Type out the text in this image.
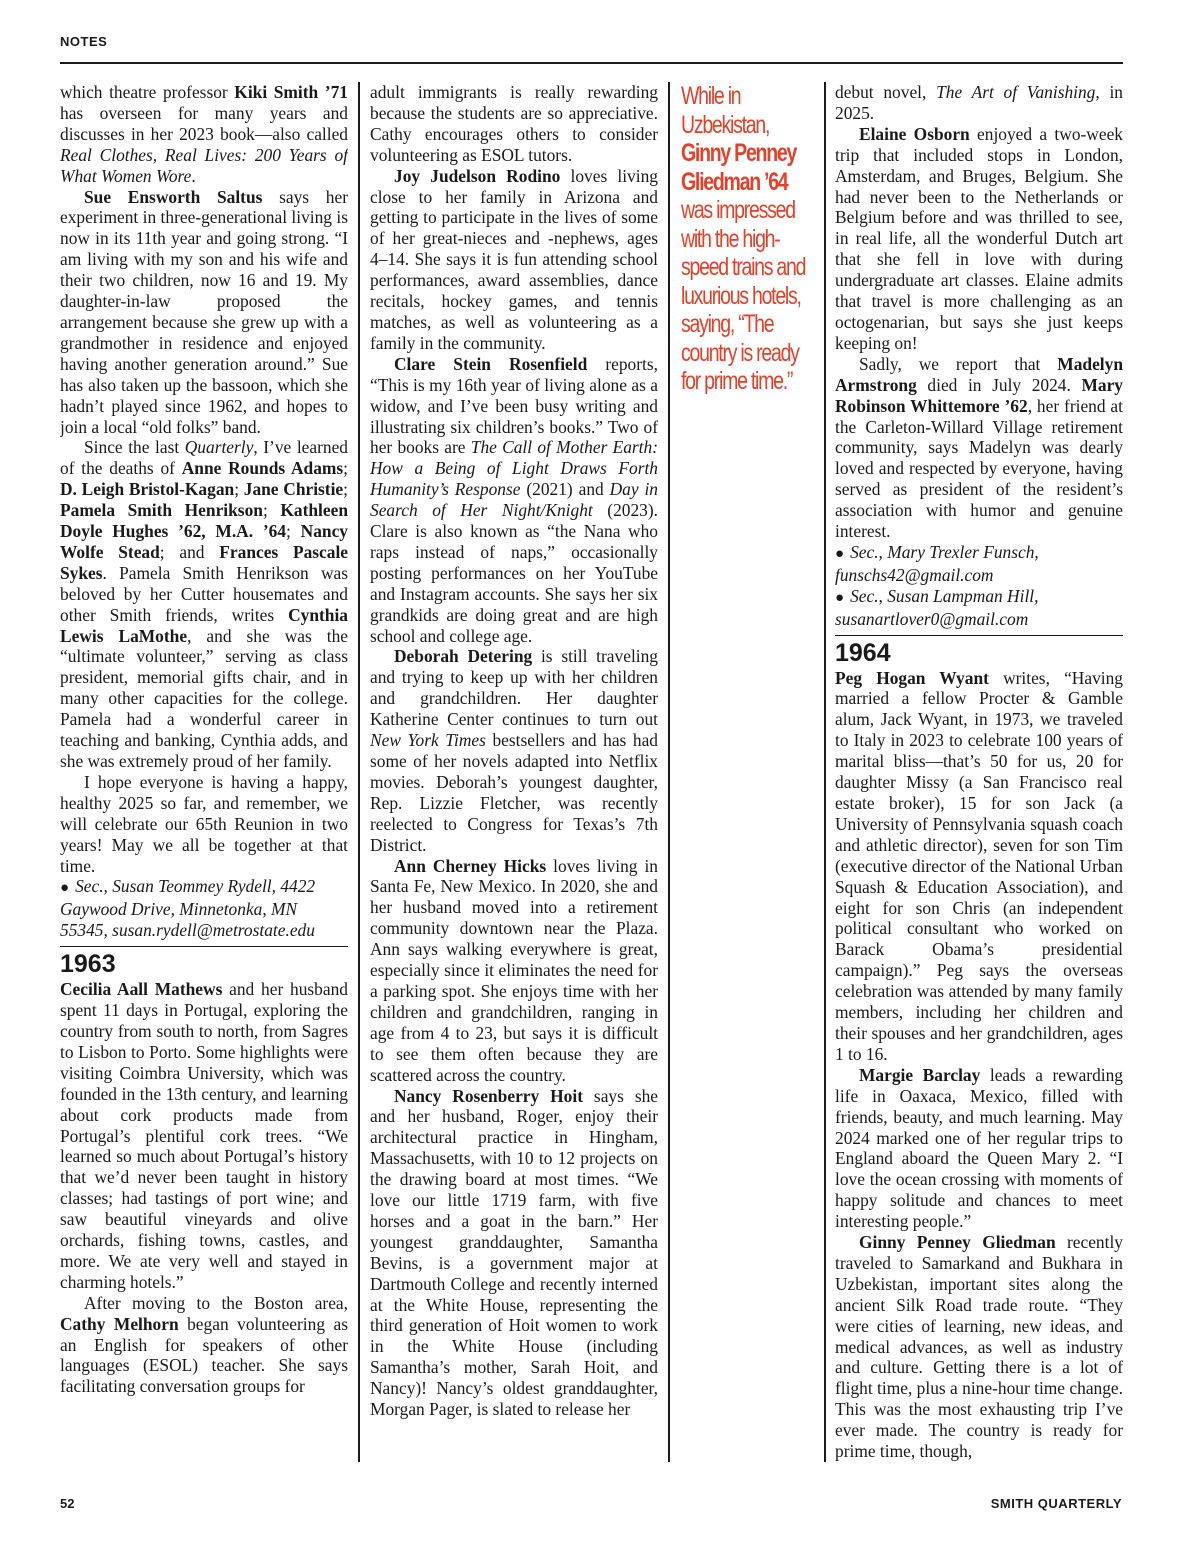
NOTES

which theatre professor Kiki Smith ’71 has overseen for many years and discusses in her 2023 book—also called Real Clothes, Real Lives: 200 Years of What Women Wore.

Sue Ensworth Saltus says her experiment in three-generational living is now in its 11th year and going strong. “I am living with my son and his wife and their two children, now 16 and 19. My daughter-in-law proposed the arrangement because she grew up with a grandmother in residence and enjoyed having another generation around.” Sue has also taken up the bassoon, which she hadn’t played since 1962, and hopes to join a local “old folks” band.

Since the last Quarterly, I’ve learned of the deaths of Anne Rounds Adams; D. Leigh Bristol-Kagan; Jane Christie; Pamela Smith Henrikson; Kathleen Doyle Hughes ’62, M.A. ’64; Nancy Wolfe Stead; and Frances Pascale Sykes. Pamela Smith Henrikson was beloved by her Cutter housemates and other Smith friends, writes Cynthia Lewis LaMothe, and she was the “ultimate volunteer,” serving as class president, memorial gifts chair, and in many other capacities for the college. Pamela had a wonderful career in teaching and banking, Cynthia adds, and she was extremely proud of her family.

I hope everyone is having a happy, healthy 2025 so far, and remember, we will celebrate our 65th Reunion in two years! May we all be together at that time.

● Sec., Susan Teommey Rydell, 4422 Gaywood Drive, Minnetonka, MN 55345, susan.rydell@metrostate.edu

1963

Cecilia Aall Mathews and her husband spent 11 days in Portugal, exploring the country from south to north, from Sagres to Lisbon to Porto. Some highlights were visiting Coimbra University, which was founded in the 13th century, and learning about cork products made from Portugal’s plentiful cork trees. “We learned so much about Portugal’s history that we’d never been taught in history classes; had tastings of port wine; and saw beautiful vineyards and olive orchards, fishing towns, castles, and more. We ate very well and stayed in charming hotels.”

After moving to the Boston area, Cathy Melhorn began volunteering as an English for speakers of other languages (ESOL) teacher. She says facilitating conversation groups for

adult immigrants is really rewarding because the students are so appreciative. Cathy encourages others to consider volunteering as ESOL tutors.

Joy Judelson Rodino loves living close to her family in Arizona and getting to participate in the lives of some of her great-nieces and -nephews, ages 4–14. She says it is fun attending school performances, award assemblies, dance recitals, hockey games, and tennis matches, as well as volunteering as a family in the community.

Clare Stein Rosenfield reports, “This is my 16th year of living alone as a widow, and I’ve been busy writing and illustrating six children’s books.” Two of her books are The Call of Mother Earth: How a Being of Light Draws Forth Humanity’s Response (2021) and Day in Search of Her Night/Knight (2023). Clare is also known as “the Nana who raps instead of naps,” occasionally posting performances on her YouTube and Instagram accounts. She says her six grandkids are doing great and are high school and college age.

Deborah Detering is still traveling and trying to keep up with her children and grandchildren. Her daughter Katherine Center continues to turn out New York Times bestsellers and has had some of her novels adapted into Netflix movies. Deborah’s youngest daughter, Rep. Lizzie Fletcher, was recently reelected to Congress for Texas’s 7th District.

Ann Cherney Hicks loves living in Santa Fe, New Mexico. In 2020, she and her husband moved into a retirement community downtown near the Plaza. Ann says walking everywhere is great, especially since it eliminates the need for a parking spot. She enjoys time with her children and grandchildren, ranging in age from 4 to 23, but says it is difficult to see them often because they are scattered across the country.

Nancy Rosenberry Hoit says she and her husband, Roger, enjoy their architectural practice in Hingham, Massachusetts, with 10 to 12 projects on the drawing board at most times. “We love our little 1719 farm, with five horses and a goat in the barn.” Her youngest granddaughter, Samantha Bevins, is a government major at Dartmouth College and recently interned at the White House, representing the third generation of Hoit women to work in the White House (including Samantha’s mother, Sarah Hoit, and Nancy)! Nancy’s oldest granddaughter, Morgan Pager, is slated to release her

While in Uzbekistan, Ginny Penney Gliedman ’64 was impressed with the high-speed trains and luxurious hotels, saying, “The country is ready for prime time.”

debut novel, The Art of Vanishing, in 2025.

Elaine Osborn enjoyed a two-week trip that included stops in London, Amsterdam, and Bruges, Belgium. She had never been to the Netherlands or Belgium before and was thrilled to see, in real life, all the wonderful Dutch art that she fell in love with during undergraduate art classes. Elaine admits that travel is more challenging as an octogenarian, but says she just keeps keeping on!

Sadly, we report that Madelyn Armstrong died in July 2024. Mary Robinson Whittemore ’62, her friend at the Carleton-Willard Village retirement community, says Madelyn was dearly loved and respected by everyone, having served as president of the resident’s association with humor and genuine interest.

● Sec., Mary Trexler Funsch, funschs42@gmail.com

● Sec., Susan Lampman Hill, susanartlover0@gmail.com

1964

Peg Hogan Wyant writes, “Having married a fellow Procter & Gamble alum, Jack Wyant, in 1973, we traveled to Italy in 2023 to celebrate 100 years of marital bliss—that’s 50 for us, 20 for daughter Missy (a San Francisco real estate broker), 15 for son Jack (a University of Pennsylvania squash coach and athletic director), seven for son Tim (executive director of the National Urban Squash & Education Association), and eight for son Chris (an independent political consultant who worked on Barack Obama’s presidential campaign).” Peg says the overseas celebration was attended by many family members, including her children and their spouses and her grandchildren, ages 1 to 16.

Margie Barclay leads a rewarding life in Oaxaca, Mexico, filled with friends, beauty, and much learning. May 2024 marked one of her regular trips to England aboard the Queen Mary 2. “I love the ocean crossing with moments of happy solitude and chances to meet interesting people.”

Ginny Penney Gliedman recently traveled to Samarkand and Bukhara in Uzbekistan, important sites along the ancient Silk Road trade route. “They were cities of learning, new ideas, and medical advances, as well as industry and culture. Getting there is a lot of flight time, plus a nine-hour time change. This was the most exhausting trip I’ve ever made. The country is ready for prime time, though,

52	SMITH QUARTERLY
